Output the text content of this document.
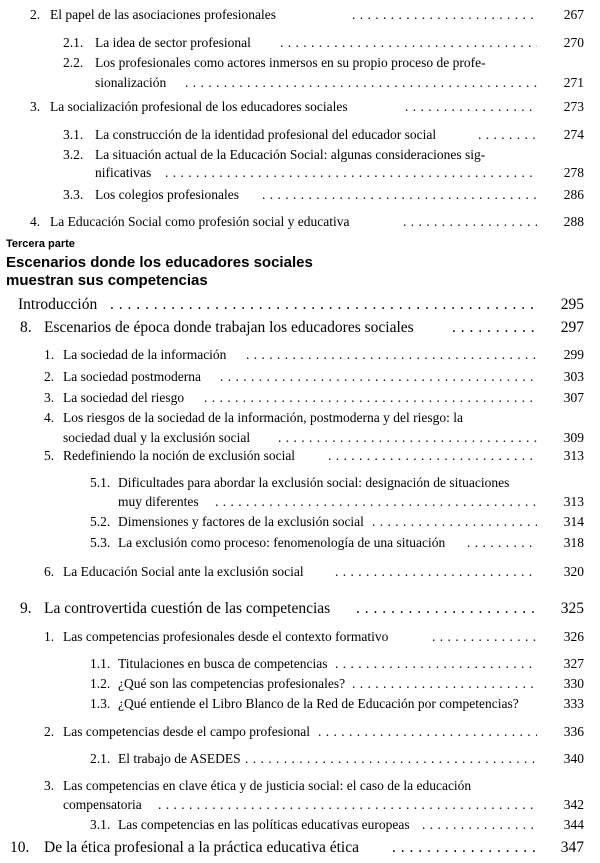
2. El papel de las asociaciones profesionales . . .	267
2.1. La idea de sector profesional . . .	270
2.2. Los profesionales como actores inmersos en su propio proceso de profe-
sionalización . . .	271
3. La socialización profesional de los educadores sociales . . .	273
3.1. La construcción de la identidad profesional del educador social . . .	274
3.2. La situación actual de la Educación Social: algunas consideraciones sig-
nificativas . . .	278
3.3. Los colegios profesionales . . .	286
4. La Educación Social como profesión social y educativa . . .	288
Tercera parte
Escenarios donde los educadores sociales
muestran sus competencias
Introducción . . .	295
8. Escenarios de época donde trabajan los educadores sociales . . .	297
1. La sociedad de la información . . .	299
2. La sociedad postmoderna . . .	303
3. La sociedad del riesgo . . .	307
4. Los riesgos de la sociedad de la información, postmoderna y del riesgo: la
sociedad dual y la exclusión social . . .	309
5. Redefiniendo la noción de exclusión social . . .	313
5.1. Dificultades para abordar la exclusión social: designación de situaciones
muy diferentes . . .	313
5.2. Dimensiones y factores de la exclusión social . . .	314
5.3. La exclusión como proceso: fenomenología de una situación . . .	318
6. La Educación Social ante la exclusión social . . .	320
9. La controvertida cuestión de las competencias . . .	325
1. Las competencias profesionales desde el contexto formativo . . .	326
1.1. Titulaciones en busca de competencias . . .	327
1.2. ¿Qué son las competencias profesionales? . . .	330
1.3. ¿Qué entiende el Libro Blanco de la Red de Educación por competencias?	333
2. Las competencias desde el campo profesional . . .	336
2.1. El trabajo de ASEDES . . .	340
3. Las competencias en clave ética y de justicia social: el caso de la educación
compensatoria . . .	342
3.1. Las competencias en las políticas educativas europeas . . .	344
10. De la ética profesional a la práctica educativa ética . . .	347
